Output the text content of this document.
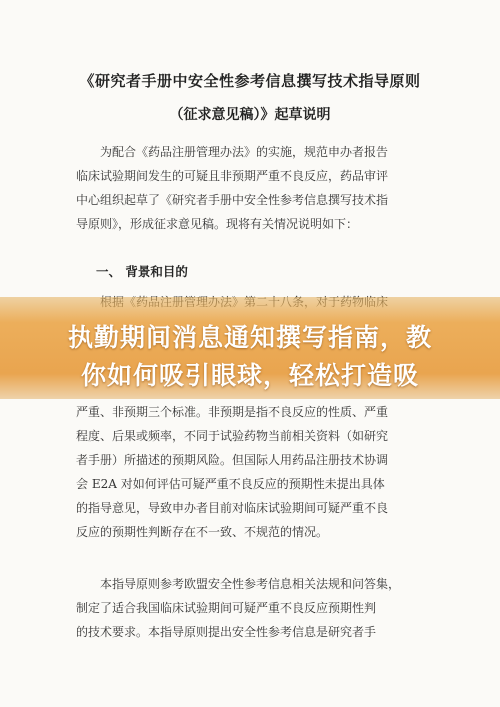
《研究者手册中安全性参考信息撰写技术指导原则
（征求意见稿）》起草说明
为配合《药品注册管理办法》的实施，规范申办者报告
临床试验期间发生的可疑且非预期严重不良反应，药品审评
中心组织起草了《研究者手册中安全性参考信息撰写技术指
导原则》，形成征求意见稿。现将有关情况说明如下：
一、 背景和目的
严重、非预期三个标准。非预期是指不良反应的性质、严重
程度、后果或频率，不同于试验药物当前相关资料（如研究
者手册）所描述的预期风险。但国际人用药品注册技术协调
会 E2A 对如何评估可疑严重不良反应的预期性未提出具体
的指导意见，导致申办者目前对临床试验期间可疑严重不良
反应的预期性判断存在不一致、不规范的情况。
本指导原则参考欧盟安全性参考信息相关法规和问答集，
制定了适合我国临床试验期间可疑严重不良反应预期性判
的技术要求。本指导原则提出安全性参考信息是研究者手
执勤期间消息通知撰写指南，教
你如何吸引眼球，轻松打造吸
